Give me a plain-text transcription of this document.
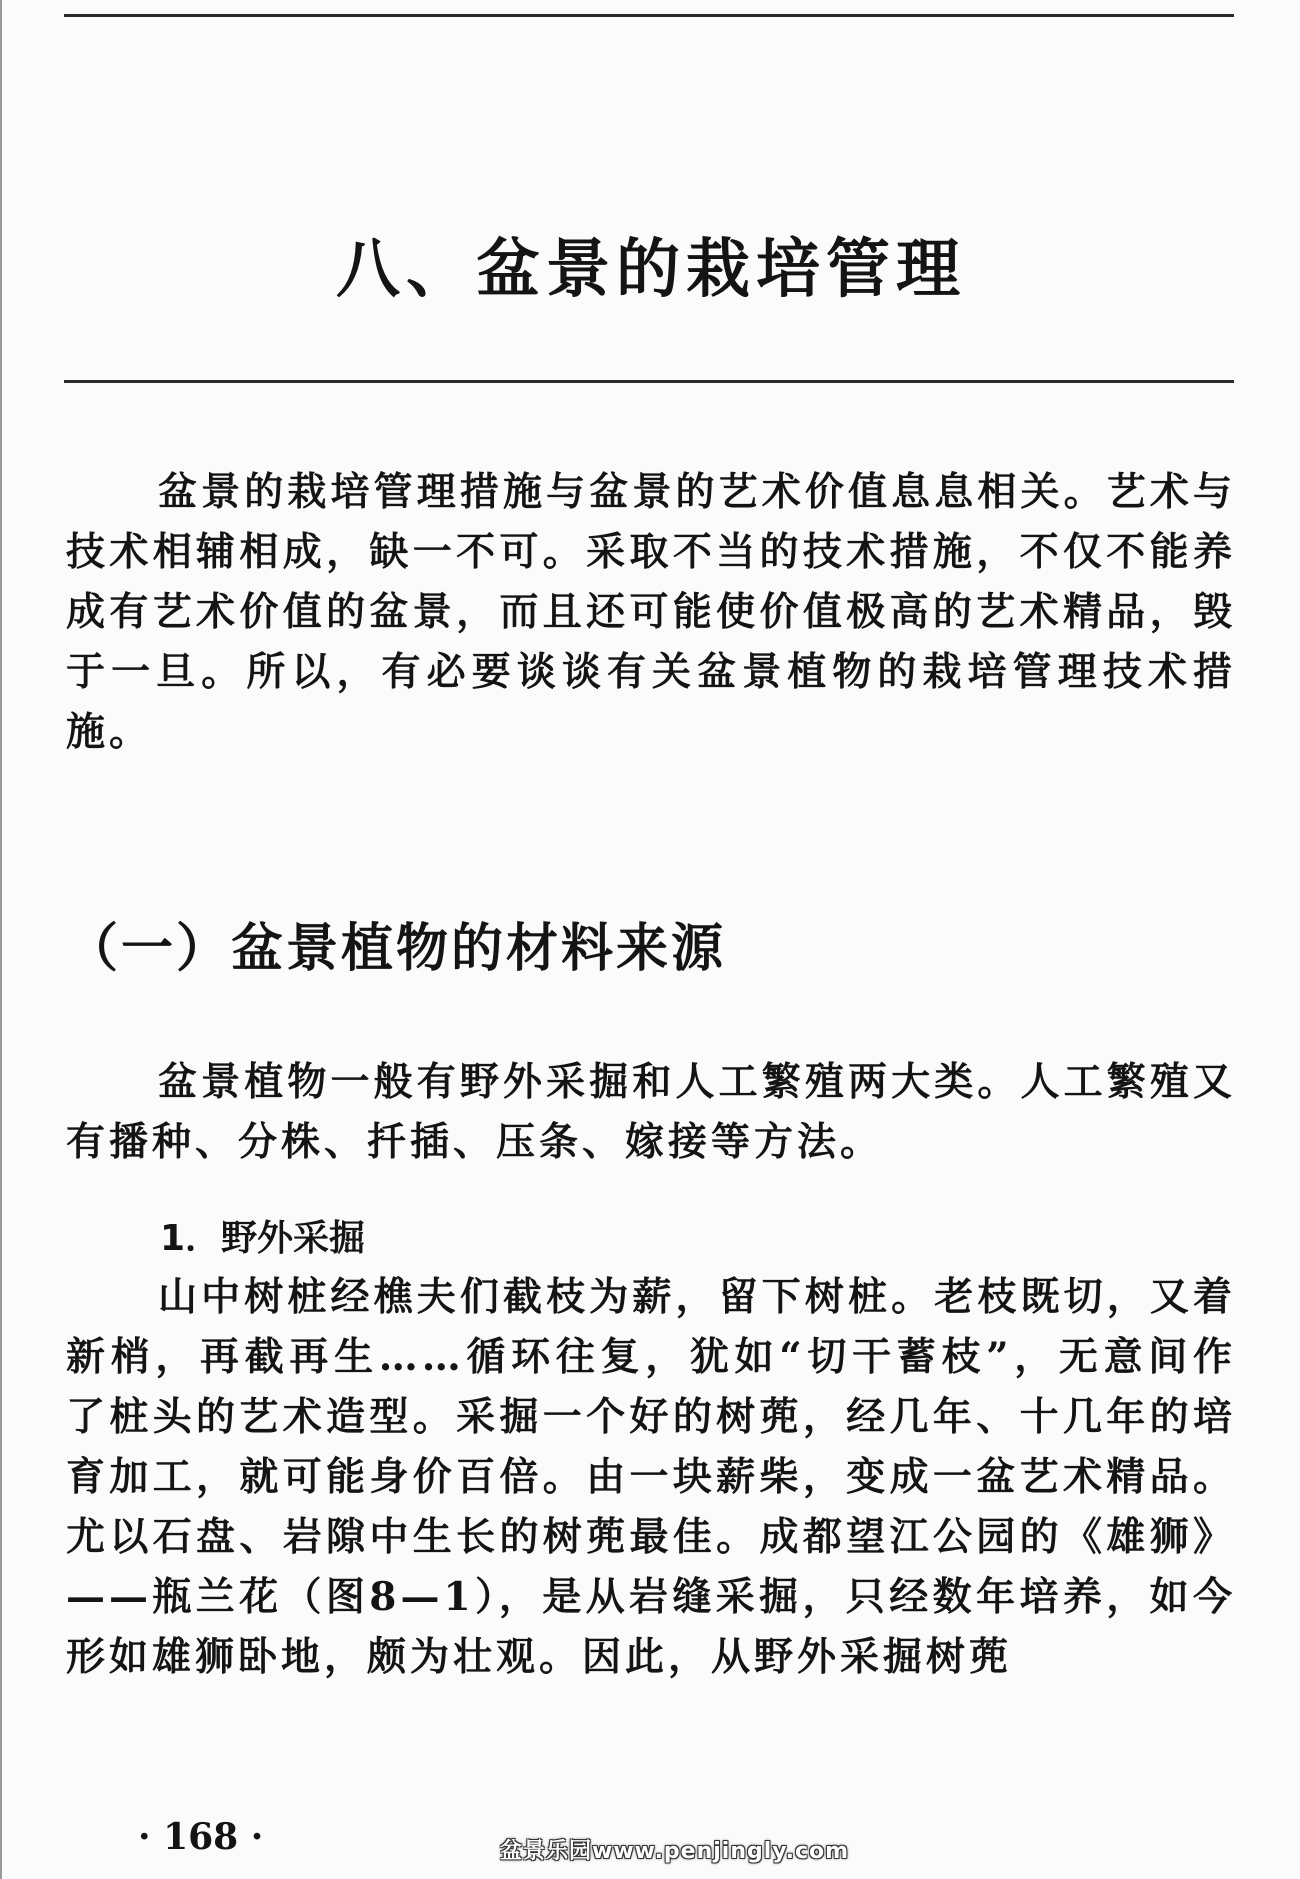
八、盆景的栽培管理

盆景的栽培管理措施与盆景的艺术价值息息相关。艺术与技术相辅相成，缺一不可。采取不当的技术措施，不仅不能养成有艺术价值的盆景，而且还可能使价值极高的艺术精品，毁于一旦。所以，有必要谈谈有关盆景植物的栽培管理技术措施。

（一）盆景植物的材料来源

盆景植物一般有野外采掘和人工繁殖两大类。人工繁殖又有播种、分株、扦插、压条、嫁接等方法。

1．野外采掘

山中树桩经樵夫们截枝为薪，留下树桩。老枝既切，又着新梢，再截再生……循环往复，犹如“切干蓄枝”，无意间作了桩头的艺术造型。采掘一个好的树蔸，经几年、十几年的培育加工，就可能身价百倍。由一块薪柴，变成一盆艺术精品。尤以石盘、岩隙中生长的树蔸最佳。成都望江公园的《雄狮》——瓶兰花（图8—1），是从岩缝采掘，只经数年培养，如今形如雄狮卧地，颇为壮观。因此，从野外采掘树蔸

· 168 ·	盆景乐园www.penjingly.com
